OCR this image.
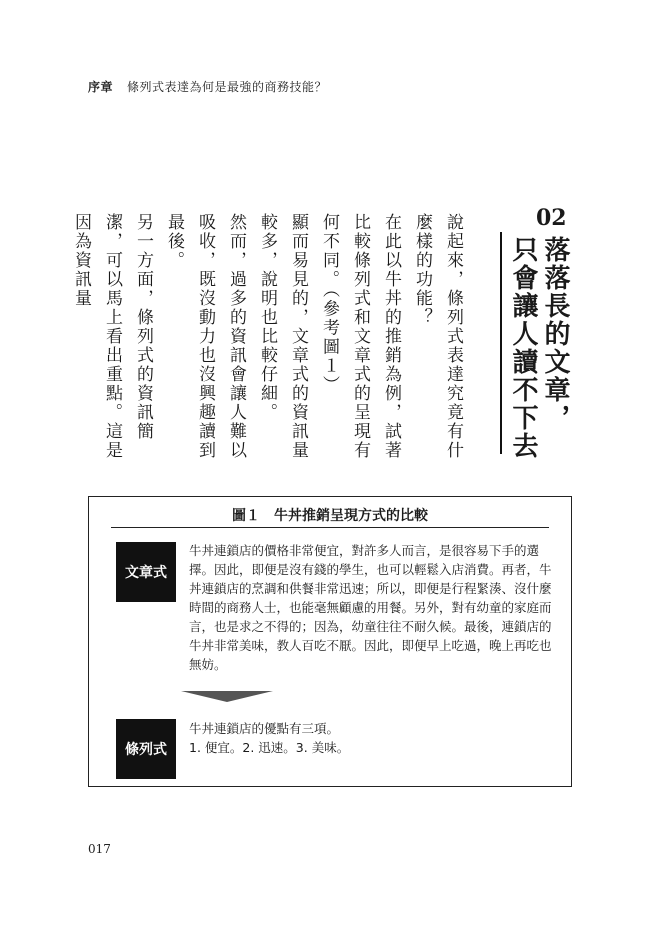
序章 條列式表達為何是最強的商務技能？
02
落落長的文章，
只會讓人讀不下去

說起來，條列式表達究竟有什麼樣的功能？

在此以牛丼的推銷為例，試著比較條列式和文章式的呈現有何不同。（參考圖１）

顯而易見的，文章式的資訊量較多，說明也比較仔細。

然而，過多的資訊會讓人難以吸收，既沒動力也沒興趣讀到最後。

另一方面，條列式的資訊簡潔，可以馬上看出重點。這是因為資訊量

圖１　牛丼推銷呈現方式的比較
文章式

牛丼連鎖店的價格非常便宜，對許多人而言，是很容易下手的選擇。因此，即便是沒有錢的學生，也可以輕鬆入店消費。再者，牛丼連鎖店的烹調和供餐非常迅速；所以，即便是行程緊湊、沒什麼時間的商務人士，也能毫無顧慮的用餐。另外，對有幼童的家庭而言，也是求之不得的；因為，幼童往往不耐久候。最後，連鎖店的牛丼非常美味，教人百吃不厭。因此，即便早上吃過，晚上再吃也無妨。

條列式
牛丼連鎖店的優點有三項。
1. 便宜。2. 迅速。3. 美味。
017
